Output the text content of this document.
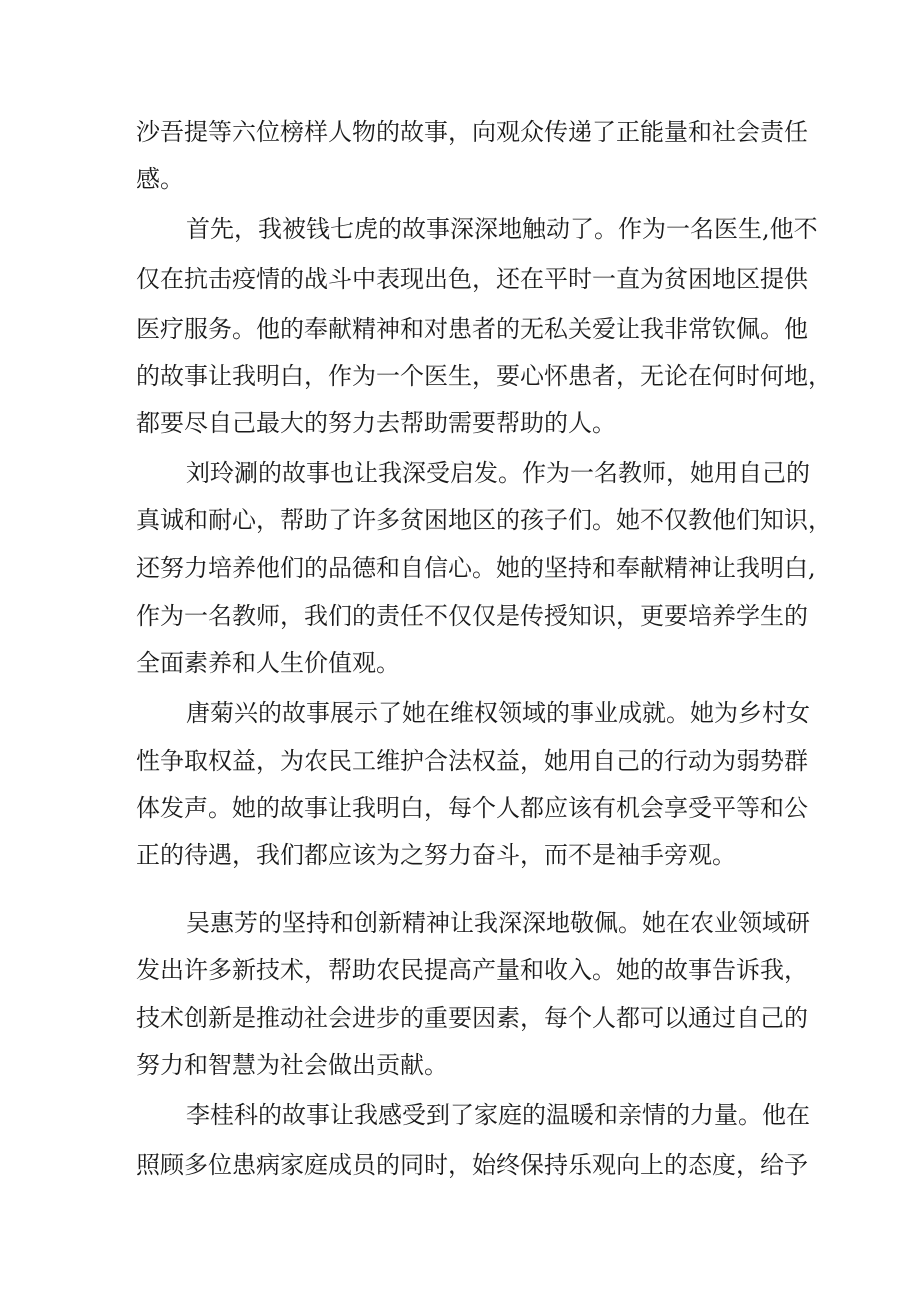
沙吾提等六位榜样人物的故事，向观众传递了正能量和社会责任
感。
首先，我被钱七虎的故事深深地触动了。作为一名医生,他不
仅在抗击疫情的战斗中表现出色，还在平时一直为贫困地区提供
医疗服务。他的奉献精神和对患者的无私关爱让我非常钦佩。他
的故事让我明白，作为一个医生，要心怀患者，无论在何时何地，
都要尽自己最大的努力去帮助需要帮助的人。
刘玲涮的故事也让我深受启发。作为一名教师，她用自己的
真诚和耐心，帮助了许多贫困地区的孩子们。她不仅教他们知识，
还努力培养他们的品德和自信心。她的坚持和奉献精神让我明白,
作为一名教师，我们的责任不仅仅是传授知识，更要培养学生的
全面素养和人生价值观。
唐菊兴的故事展示了她在维权领域的事业成就。她为乡村女
性争取权益，为农民工维护合法权益，她用自己的行动为弱势群
体发声。她的故事让我明白，每个人都应该有机会享受平等和公
正的待遇，我们都应该为之努力奋斗，而不是袖手旁观。
吴惠芳的坚持和创新精神让我深深地敬佩。她在农业领域研
发出许多新技术，帮助农民提高产量和收入。她的故事告诉我，
技术创新是推动社会进步的重要因素，每个人都可以通过自己的
努力和智慧为社会做出贡献。
李桂科的故事让我感受到了家庭的温暖和亲情的力量。他在
照顾多位患病家庭成员的同时，始终保持乐观向上的态度，给予
